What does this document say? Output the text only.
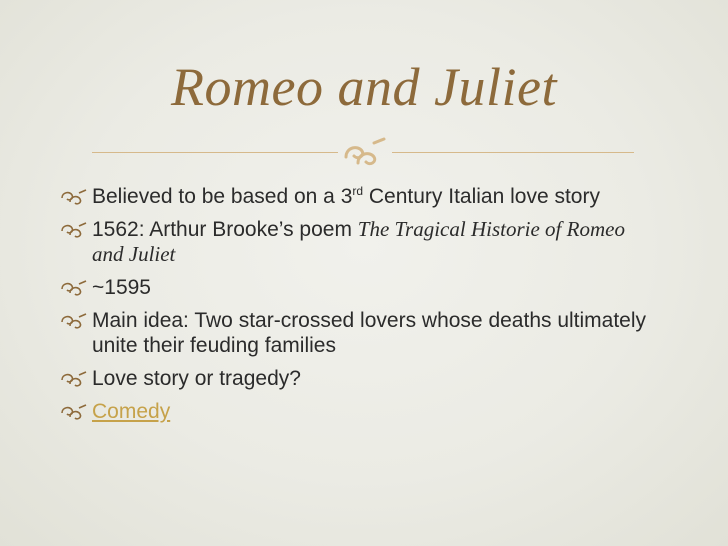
Romeo and Juliet
Believed to be based on a 3rd Century Italian love story
1562: Arthur Brooke’s poem The Tragical Historie of Romeo and Juliet
~1595
Main idea: Two star-crossed lovers whose deaths ultimately unite their feuding families
Love story or tragedy?
Comedy
